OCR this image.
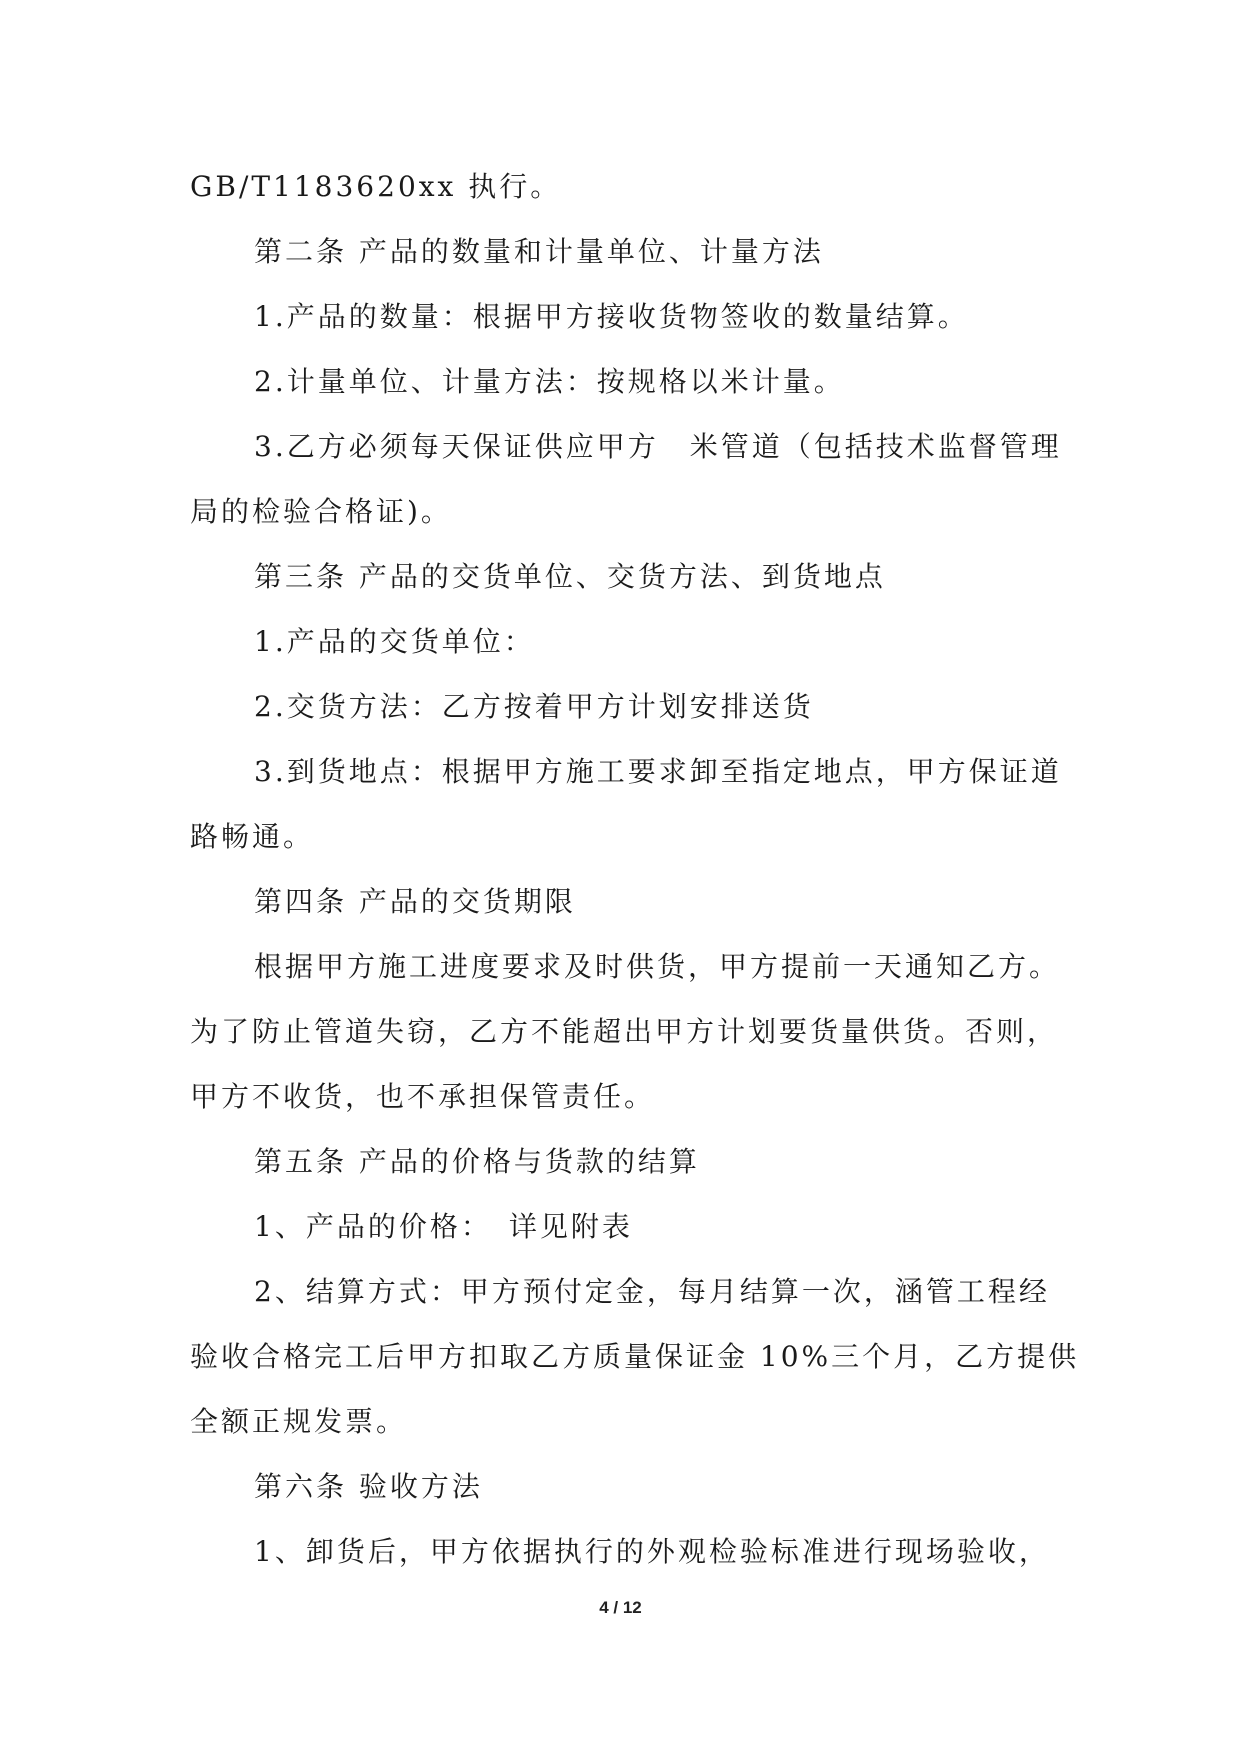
GB/T1183620xx 执行。
第二条 产品的数量和计量单位、计量方法
1.产品的数量：根据甲方接收货物签收的数量结算。
2.计量单位、计量方法：按规格以米计量。
3.乙方必须每天保证供应甲方　米管道（包括技术监督管理
局的检验合格证)。
第三条 产品的交货单位、交货方法、到货地点
1.产品的交货单位：
2.交货方法：乙方按着甲方计划安排送货
3.到货地点：根据甲方施工要求卸至指定地点，甲方保证道
路畅通。
第四条 产品的交货期限
根据甲方施工进度要求及时供货，甲方提前一天通知乙方。
为了防止管道失窃，乙方不能超出甲方计划要货量供货。否则，
甲方不收货，也不承担保管责任。
第五条 产品的价格与货款的结算
1、产品的价格：　详见附表
2、结算方式：甲方预付定金，每月结算一次，涵管工程经
验收合格完工后甲方扣取乙方质量保证金 10%三个月，乙方提供
全额正规发票。
第六条 验收方法
1、卸货后，甲方依据执行的外观检验标准进行现场验收，
4 / 12
